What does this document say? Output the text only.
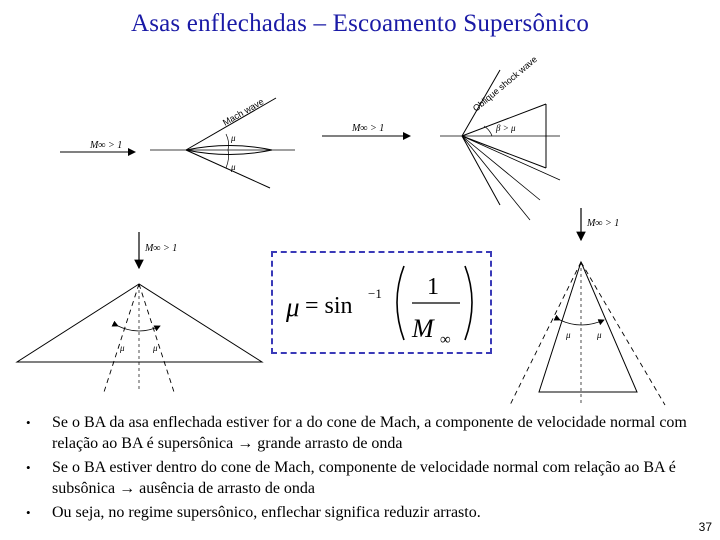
Asas enflechadas – Escoamento Supersônico
M∞ > 1
Mach wave
μ
μ
M∞ > 1
Oblique shock wave
β > μ
M∞ > 1
μ	μ
M∞ > 1
μ	μ
μ = sin −1 1
M ∞
• Se o BA da asa enflechada estiver for a do cone de Mach, a componente de velocidade normal com relação ao BA é supersônica → grande arrasto de onda
• Se o BA estiver dentro do cone de Mach, componente de velocidade normal com relação ao BA é subsônica → ausência de arrasto de onda
• Ou seja, no regime supersônico, enflechar significa reduzir arrasto.
37
